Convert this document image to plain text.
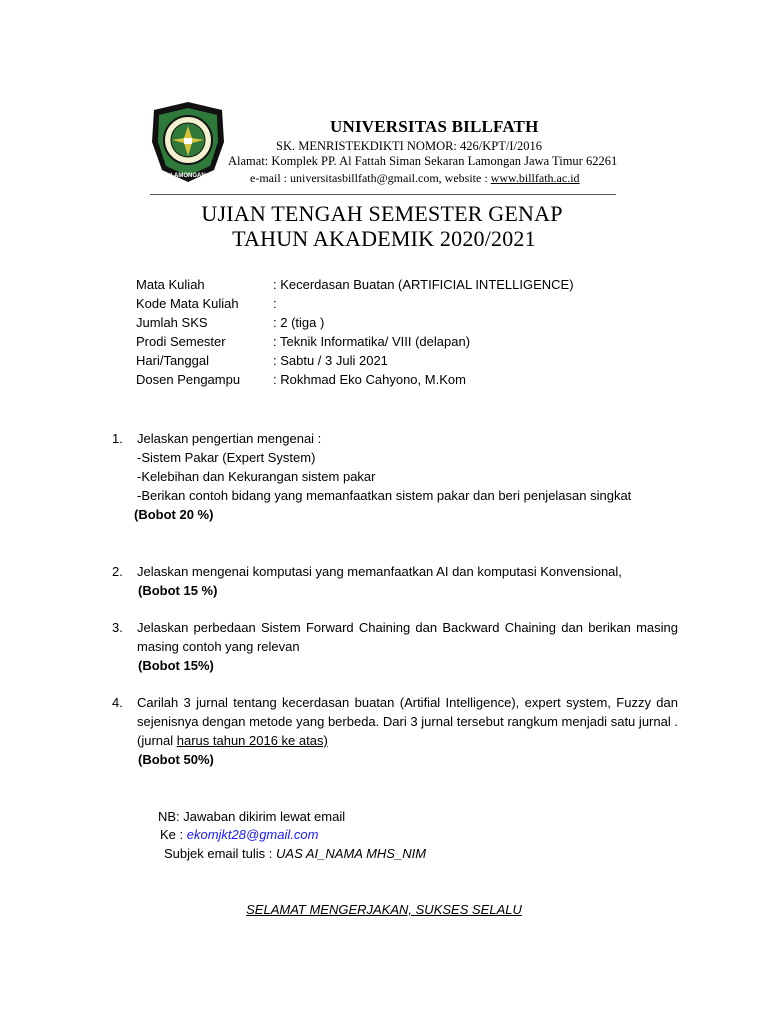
LAMONGAN
UNIVERSITAS BILLFATH
SK. MENRISTEKDIKTI NOMOR: 426/KPT/I/2016
Alamat: Komplek PP. Al Fattah Siman Sekaran Lamongan Jawa Timur 62261
e-mail : universitasbillfath@gmail.com, website : www.billfath.ac.id
UJIAN TENGAH SEMESTER GENAP
TAHUN AKADEMIK 2020/2021
Mata Kuliah	: Kecerdasan Buatan (ARTIFICIAL INTELLIGENCE)
Kode Mata Kuliah	:
Jumlah SKS	: 2 (tiga )
Prodi Semester	: Teknik Informatika/ VIII (delapan)
Hari/Tanggal	: Sabtu / 3 Juli 2021
Dosen Pengampu	: Rokhmad Eko Cahyono, M.Kom
1. Jelaskan pengertian mengenai :
-Sistem Pakar (Expert System)
-Kelebihan dan Kekurangan sistem pakar
-Berikan contoh bidang yang memanfaatkan sistem pakar dan beri penjelasan singkat
(Bobot 20 %)
2. Jelaskan mengenai komputasi yang memanfaatkan AI dan komputasi Konvensional,
(Bobot 15 %)
3. Jelaskan perbedaan Sistem Forward Chaining dan Backward Chaining dan berikan masing masing contoh yang relevan
(Bobot 15%)
4. Carilah 3 jurnal tentang kecerdasan buatan (Artifial Intelligence), expert system, Fuzzy dan sejenisnya dengan metode yang berbeda. Dari 3 jurnal tersebut rangkum menjadi satu jurnal . (jurnal harus tahun 2016 ke atas)
(Bobot 50%)
NB: Jawaban dikirim lewat email
Ke : ekomjkt28@gmail.com
Subjek email tulis : UAS AI_NAMA MHS_NIM
SELAMAT MENGERJAKAN, SUKSES SELALU
